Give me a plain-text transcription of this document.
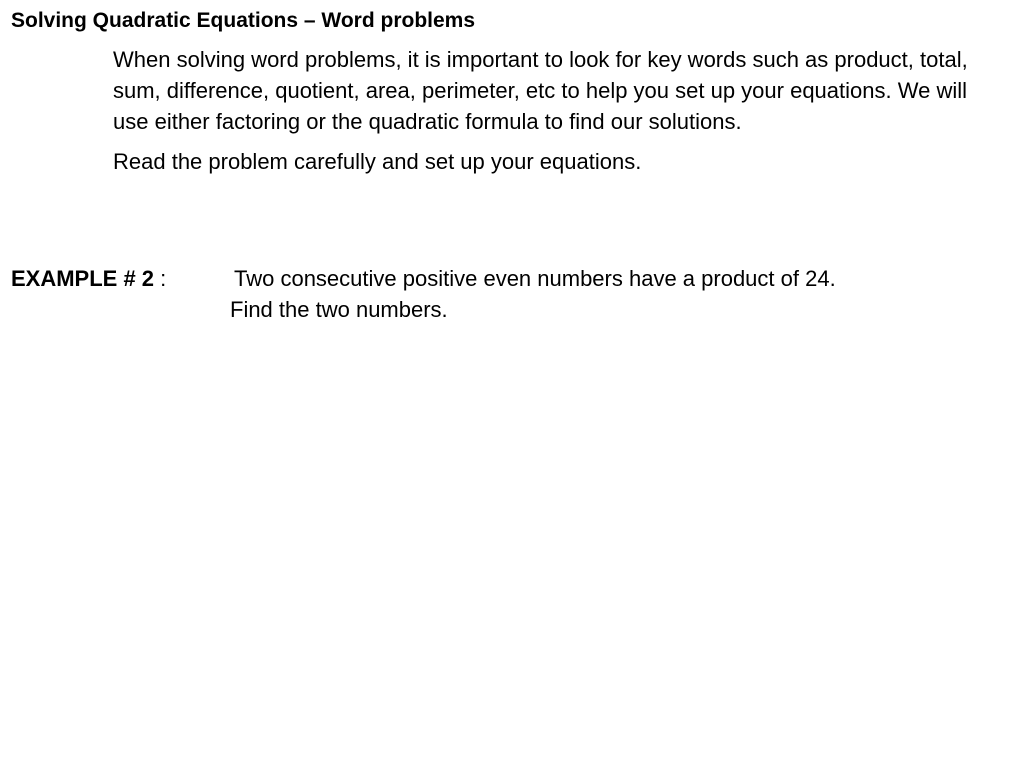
Solving Quadratic Equations – Word problems

When solving word problems, it is important to look for key words such as product, total, sum, difference, quotient, area, perimeter, etc to help you set up your equations. We will use either factoring or the quadratic formula to find our solutions.

Read the problem carefully and set up your equations.

EXAMPLE # 2 :	Two consecutive positive even numbers have a product of 24.
Find the two numbers.
